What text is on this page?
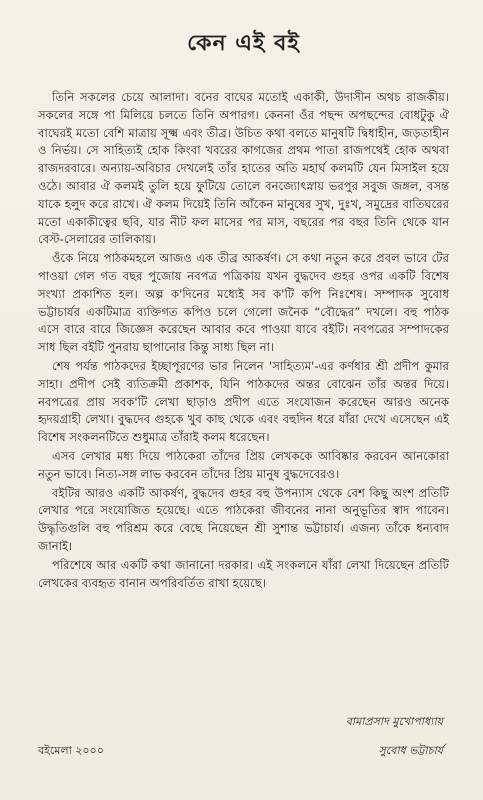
কেন এই বই

তিনি সকলের চেয়ে আলাদা। বনের বাঘের মতোই একাকী, উদাসীন অথচ রাজকীয়। সকলের সঙ্গে পা মিলিয়ে চলতে তিনি অপারগ। কেননা ওঁর পছন্দ অপছন্দের বোধটুকু ঐ বাঘেরই মতো বেশি মাত্রায় সূক্ষ্ম এবং তীব্র। উচিত কথা বলতে মানুষটি দ্বিধাহীন, জড়তাহীন ও নির্ভয়। সে সাহিত্যই হোক কিংবা খবরের কাগজের প্রথম পাতা রাজপথেই হোক অথবা রাজদরবারে। অন্যায়-অবিচার দেখলেই তাঁর হাতের অতি মহার্ঘ কলমটি যেন মিসাইল হয়ে ওঠে। আবার ঐ কলমই তুলি হয়ে ফুটিয়ে তোলে বনজ্যোৎস্নায় ভরপুর সবুজ জঙ্গল, বসন্ত যাকে হলুদ করে রাখে। ঐ কলম দিয়েই তিনি আঁকেন মানুষের সুখ, দুঃখ, সমুদ্রের বাতিঘরের মতো একাকীত্বের ছবি, যার নীট ফল মাসের পর মাস, বছরের পর বছর তিনি থেকে যান বেস্ট-সেলারের তালিকায়।

ওঁকে নিয়ে পাঠকমহলে আজও এক তীব্র আকর্ষণ। সে কথা নতুন করে প্রবল ভাবে টের পাওয়া গেল গত বছর পুজোয় নবপত্র পত্রিকায় যখন বুদ্ধদেব গুহর ওপর একটি বিশেষ সংখ্যা প্রকাশিত হল। অল্প ক'দিনের মধ্যেই সব ক'টি কপি নিঃশেষ। সম্পাদক সুবোধ ভট্টাচার্যর একটিমাত্র ব্যক্তিগত কপিও চলে গেলো জনৈক “বৌদ্ধের” দখলে। বহু পাঠক এসে বারে বারে জিজ্ঞেস করেছেন আবার কবে পাওয়া যাবে বইটি। নবপত্রের সম্পাদকের সাধ ছিল বইটি পুনরায় ছাপানোর কিন্তু সাধ্য ছিল না।

শেষ পর্যন্ত পাঠকদের ইচ্ছাপূরণের ভার নিলেন 'সাহিত্যম'-এর কর্ণধার শ্রী প্রদীপ কুমার সাহা। প্রদীপ সেই ব্যতিক্রমী প্রকাশক, যিনি পাঠকদের অন্তর বোঝেন তাঁর অন্তর দিয়ে। নবপত্রের প্রায় সবক'টি লেখা ছাড়াও প্রদীপ এতে সংযোজন করেছেন আরও অনেক হৃদয়গ্রাহী লেখা। বুদ্ধদেব গুহকে খুব কাছ থেকে এবং বহুদিন ধরে যাঁরা দেখে এসেছেন এই বিশেষ সংকলনটিতে শুধুমাত্র তাঁরাই কলম ধরেছেন।

এসব লেখার মধ্য দিয়ে পাঠকেরা তাঁদের প্রিয় লেখককে আবিষ্কার করবেন আনকোরা নতুন ভাবে। নিত্য-সঙ্গ লাভ করবেন তাঁদের প্রিয় মানুষ বুদ্ধদেবেরও।

বইটির আরও একটি আকর্ষণ, বুদ্ধদেব গুহর বহু উপন্যাস থেকে বেশ কিছু অংশ প্রতিটি লেখার পরে সংযোজিত হয়েছে। এতে পাঠকেরা জীবনের নানা অনুভূতির স্বাদ পাবেন। উদ্ধৃতিগুলি বহু পরিশ্রম করে বেছে নিয়েছেন শ্রী সুশান্ত ভট্টাচার্য। এজন্য তাঁকে ধন্যবাদ জানাই।

পরিশেষে আর একটি কথা জানানো দরকার। এই সংকলনে যাঁরা লেখা দিয়েছেন প্রতিটি লেখকের ব্যবহৃত বানান অপরিবর্তিত রাখা হয়েছে।

বামাপ্রসাদ মুখোপাধ্যায়
বইমেলা ২০০০	সুবোধ ভট্টাচার্য
